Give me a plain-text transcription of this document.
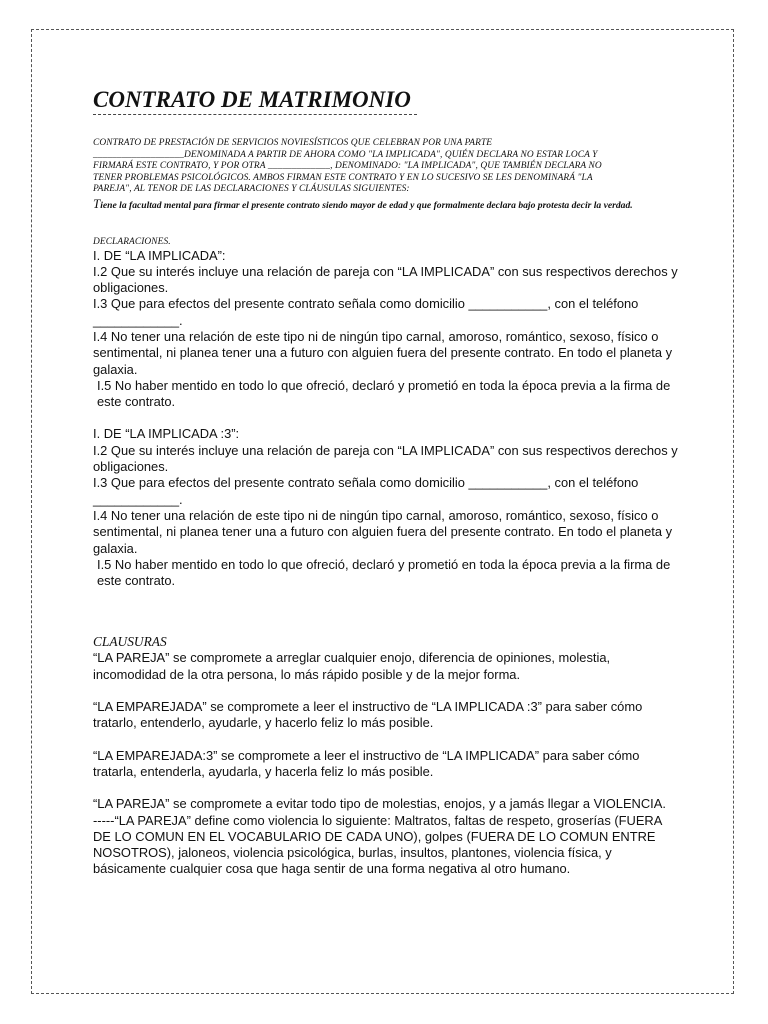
CONTRATO DE MATRIMONIO
CONTRATO DE PRESTACIÓN DE SERVICIOS NOVIESÍSTICOS QUE CELEBRAN POR UNA PARTE
___________________DENOMINADA A PARTIR DE AHORA COMO "LA IMPLICADA", QUIÉN DECLARA NO ESTAR LOCA Y
FIRMARÁ ESTE CONTRATO, Y POR OTRA _____________, DENOMINADO: "LA IMPLICADA", QUE TAMBIÉN DECLARA NO
TENER PROBLEMAS PSICOLÓGICOS. AMBOS FIRMAN ESTE CONTRATO Y EN LO SUCESIVO SE LES DENOMINARÁ "LA
PAREJA", AL TENOR DE LAS DECLARACIONES Y CLÁUSULAS SIGUIENTES:
Tiene la facultad mental para firmar el presente contrato siendo mayor de edad y que formalmente declara bajo protesta decir la verdad.
DECLARACIONES.

I. DE “LA IMPLICADA”:

I.2 Que su interés incluye una relación de pareja con “LA IMPLICADA” con sus respectivos derechos y obligaciones.

I.3 Que para efectos del presente contrato señala como domicilio ___________, con el teléfono

____________.

I.4 No tener una relación de este tipo ni de ningún tipo carnal, amoroso, romántico, sexoso, físico o sentimental, ni planea tener una a futuro con alguien fuera del presente contrato. En todo el planeta y galaxia.

I.5 No haber mentido en todo lo que ofreció, declaró y prometió en toda la época previa a la firma de este contrato.

I. DE “LA IMPLICADA :3”:

I.2 Que su interés incluye una relación de pareja con “LA IMPLICADA” con sus respectivos derechos y obligaciones.

I.3 Que para efectos del presente contrato señala como domicilio ___________, con el teléfono

____________.

I.4 No tener una relación de este tipo ni de ningún tipo carnal, amoroso, romántico, sexoso, físico o sentimental, ni planea tener una a futuro con alguien fuera del presente contrato. En todo el planeta y galaxia.

I.5 No haber mentido en todo lo que ofreció, declaró y prometió en toda la época previa a la firma de este contrato.

CLAUSURAS

“LA PAREJA” se compromete a arreglar cualquier enojo, diferencia de opiniones, molestia, incomodidad de la otra persona, lo más rápido posible y de la mejor forma.

“LA EMPAREJADA” se compromete a leer el instructivo de “LA IMPLICADA :3” para saber cómo tratarlo, entenderlo, ayudarle, y hacerlo feliz lo más posible.

“LA EMPAREJADA:3” se compromete a leer el instructivo de “LA IMPLICADA” para saber cómo tratarla, entenderla, ayudarla, y hacerla feliz lo más posible.

“LA PAREJA” se compromete a evitar todo tipo de molestias, enojos, y a jamás llegar a VIOLENCIA.

-----“LA PAREJA” define como violencia lo siguiente: Maltratos, faltas de respeto, groserías (FUERA DE LO COMUN EN EL VOCABULARIO DE CADA UNO), golpes (FUERA DE LO COMUN ENTRE NOSOTROS), jaloneos, violencia psicológica, burlas, insultos, plantones, violencia física, y básicamente cualquier cosa que haga sentir de una forma negativa al otro humano.
